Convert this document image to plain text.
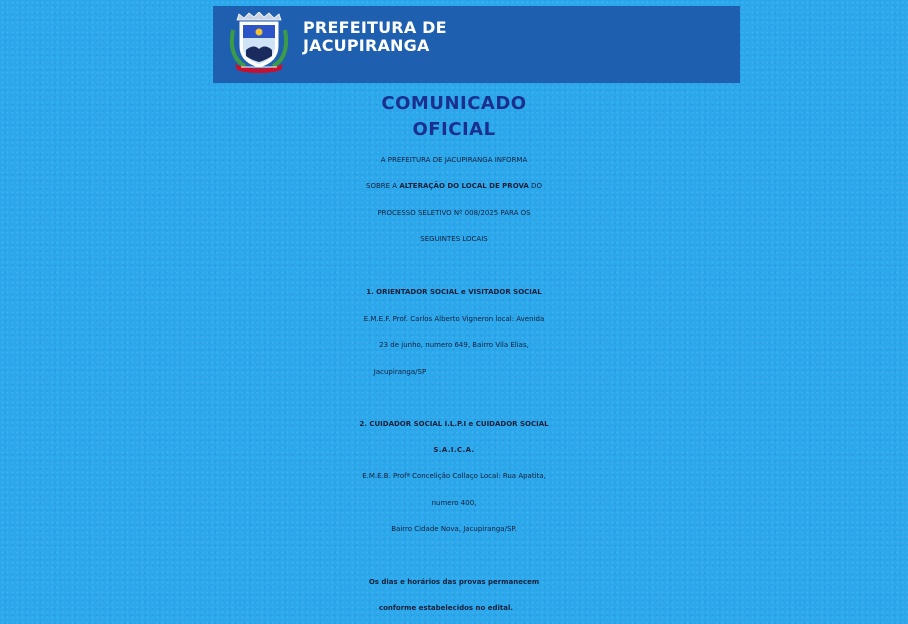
PREFEITURA DE
JACUPIRANGA
COMUNICADO
OFICIAL
A PREFEITURA DE JACUPIRANGA INFORMA
SOBRE A ALTERAÇÃO DO LOCAL DE PROVA DO
PROCESSO SELETIVO Nº 008/2025 PARA OS
SEGUINTES LOCAIS
1. ORIENTADOR SOCIAL e VISITADOR SOCIAL
E.M.E.F. Prof. Carlos Alberto Vigneron local: Avenida
23 de junho, numero 649, Bairro Vila Elias,
Jacupiranga/SP
2. CUIDADOR SOCIAL I.L.P.I e CUIDADOR SOCIAL
S.A.I.C.A.
E.M.E.B. Profª Concelição Collaço Local: Rua Apatita,
numero 400,
Bairro Cidade Nova, Jacupiranga/SP.
Os dias e horários das provas permanecem
conforme estabelecidos no edital.
